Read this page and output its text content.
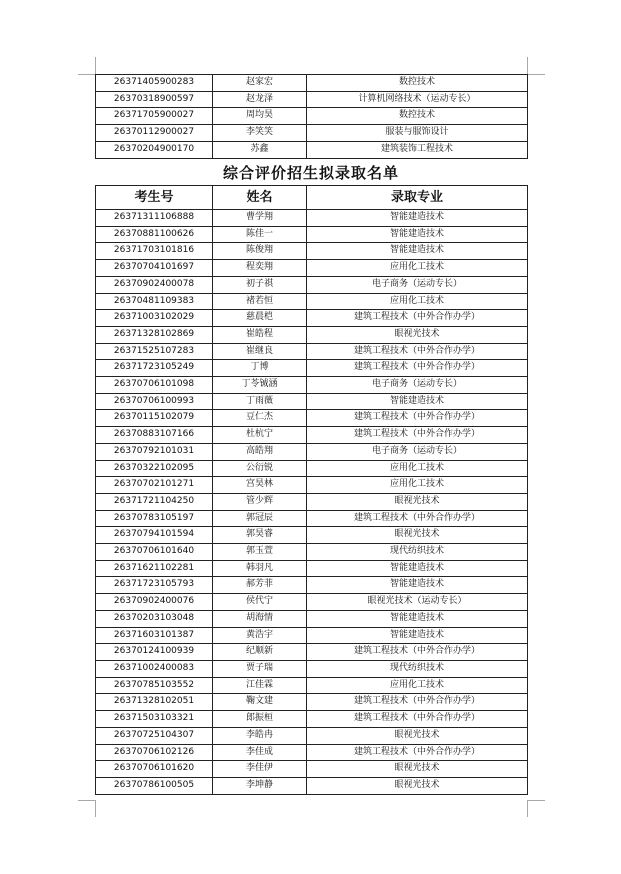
26371405900283	赵家宏	数控技术
26370318900597	赵龙泽	计算机网络技术（运动专长）
26371705900027	周均昊	数控技术
26370112900027	李笑笑	服装与服饰设计
26370204900170	苏鑫	建筑装饰工程技术
综合评价招生拟录取名单
考生号	姓名	录取专业
26371311106888	曹学翔	智能建造技术
26370881100626	陈佳一	智能建造技术
26371703101816	陈俊翔	智能建造技术
26370704101697	程奕翔	应用化工技术
26370902400078	初子祺	电子商务（运动专长）
26370481109383	褚若恒	应用化工技术
26371003102029	慈晨桤	建筑工程技术（中外合作办学）
26371328102869	崔皓程	眼视光技术
26371525107283	崔继良	建筑工程技术（中外合作办学）
26371723105249	丁博	建筑工程技术（中外合作办学）
26370706101098	丁苓铖涵	电子商务（运动专长）
26370706100993	丁雨薇	智能建造技术
26370115102079	豆仁杰	建筑工程技术（中外合作办学）
26370883107166	杜杭宁	建筑工程技术（中外合作办学）
26370792101031	高皓翔	电子商务（运动专长）
26370322102095	公衍锐	应用化工技术
26370702101271	宫昊林	应用化工技术
26371721104250	管少辉	眼视光技术
26370783105197	郭冠辰	建筑工程技术（中外合作办学）
26370794101594	郭昊睿	眼视光技术
26370706101640	郭玉萱	现代纺织技术
26371621102281	韩羽凡	智能建造技术
26371723105793	郝芳菲	智能建造技术
26370902400076	侯代宁	眼视光技术（运动专长）
26370203103048	胡海情	智能建造技术
26371603101387	黄浩宇	智能建造技术
26370124100939	纪顺新	建筑工程技术（中外合作办学）
26371002400083	贾子瑞	现代纺织技术
26370785103552	江佳霖	应用化工技术
26371328102051	鞠文建	建筑工程技术（中外合作办学）
26371503103321	郎振桓	建筑工程技术（中外合作办学）
26370725104307	李皓冉	眼视光技术
26370706102126	李佳成	建筑工程技术（中外合作办学）
26370706101620	李佳伊	眼视光技术
26370786100505	李坤静	眼视光技术
